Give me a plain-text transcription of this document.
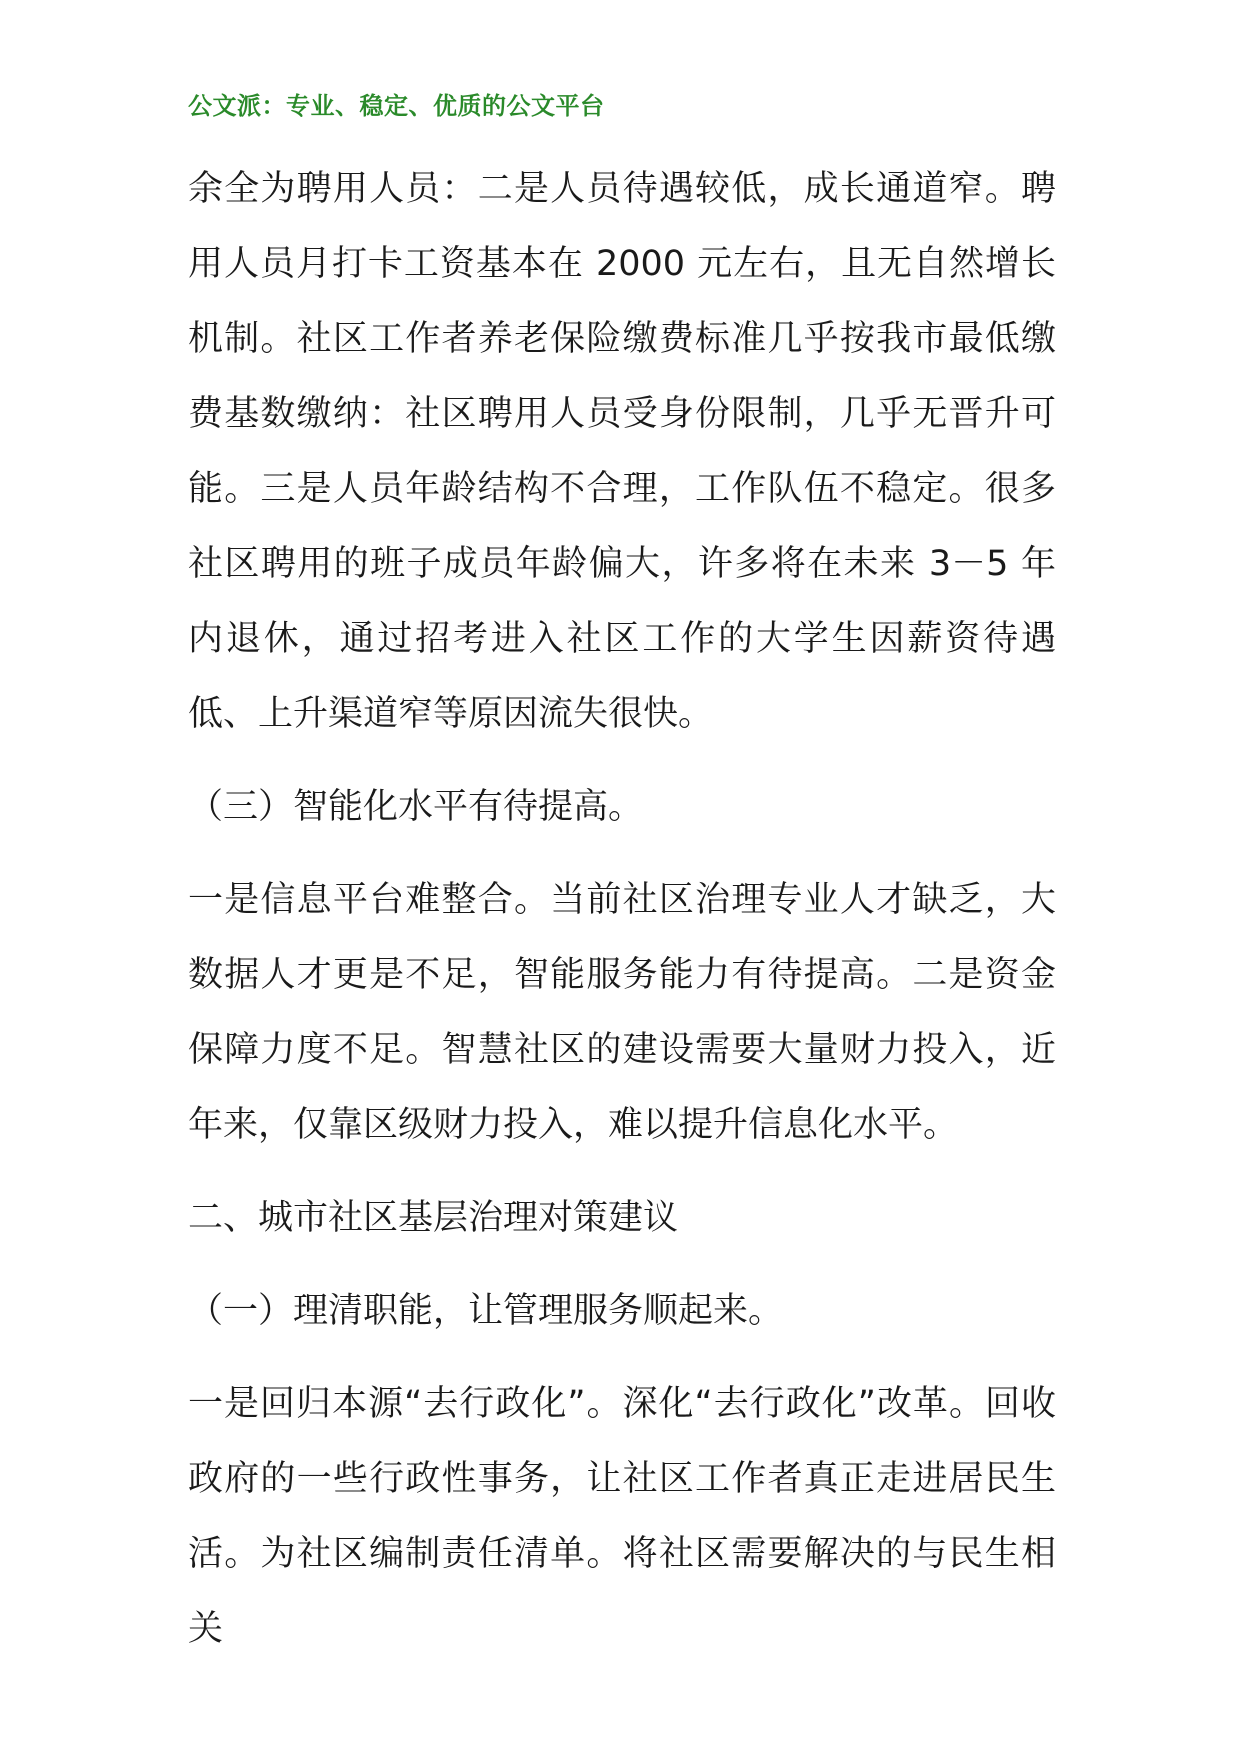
公文派：专业、稳定、优质的公文平台

余全为聘用人员：二是人员待遇较低，成长通道窄。聘用人员月打卡工资基本在 2000 元左右，且无自然增长机制。社区工作者养老保险缴费标准几乎按我市最低缴费基数缴纳：社区聘用人员受身份限制，几乎无晋升可能。三是人员年龄结构不合理，工作队伍不稳定。很多社区聘用的班子成员年龄偏大，许多将在未来 3－5 年内退休，通过招考进入社区工作的大学生因薪资待遇低、上升渠道窄等原因流失很快。

（三）智能化水平有待提高。

一是信息平台难整合。当前社区治理专业人才缺乏，大数据人才更是不足，智能服务能力有待提高。二是资金保障力度不足。智慧社区的建设需要大量财力投入，近年来，仅靠区级财力投入，难以提升信息化水平。

二、城市社区基层治理对策建议

（一）理清职能，让管理服务顺起来。

一是回归本源“去行政化”。深化“去行政化”改革。回收政府的一些行政性事务，让社区工作者真正走进居民生活。为社区编制责任清单。将社区需要解决的与民生相关
